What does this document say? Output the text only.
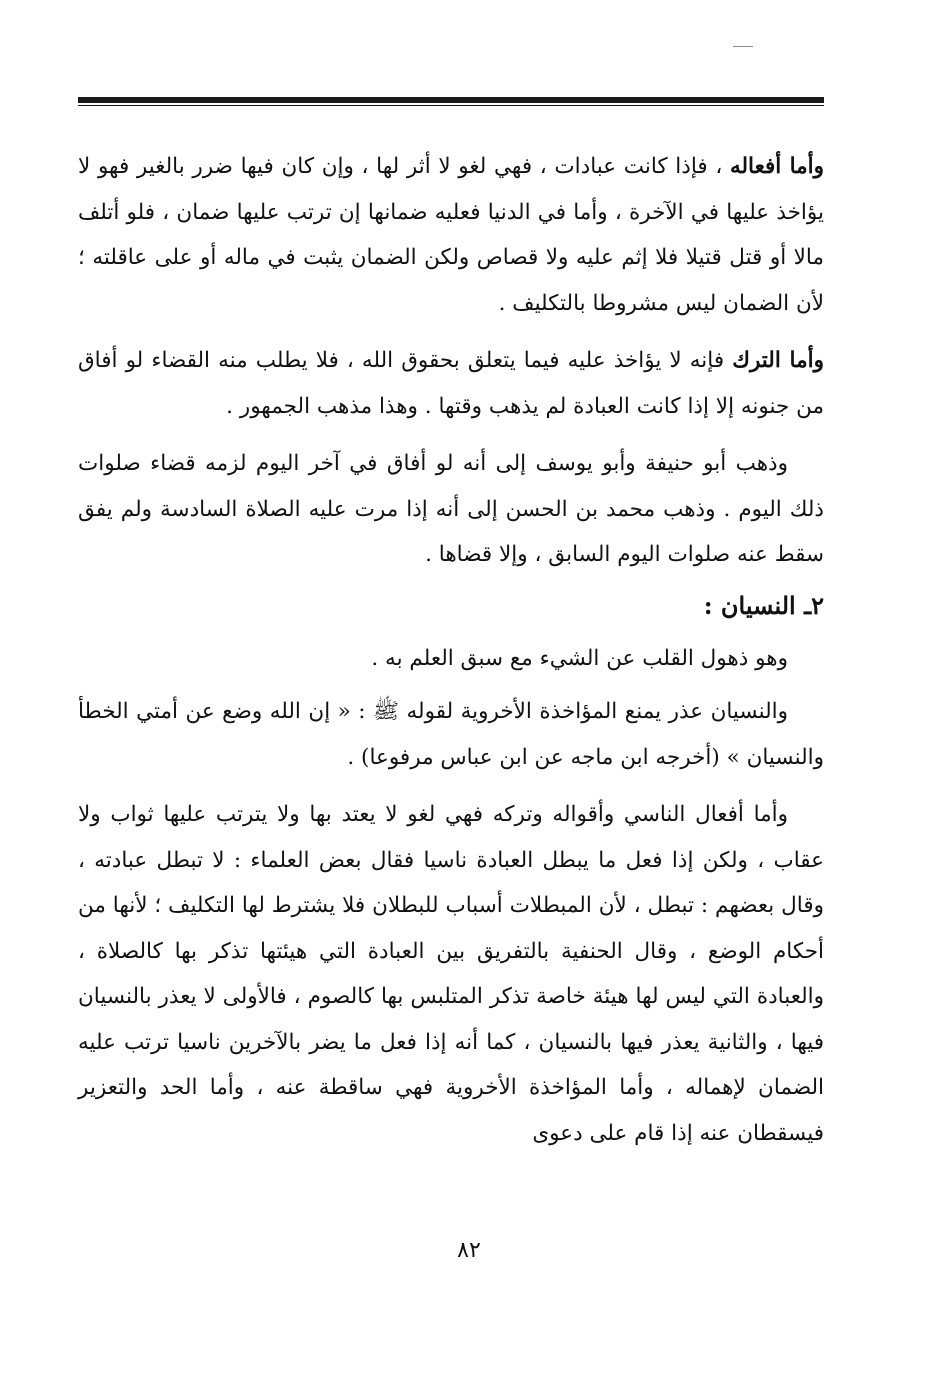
وأما أفعاله ، فإذا كانت عبادات ، فهي لغو لا أثر لها ، وإن كان فيها ضرر بالغير فهو لا يؤاخذ عليها في الآخرة ، وأما في الدنيا فعليه ضمانها إن ترتب عليها ضمان ، فلو أتلف مالا أو قتل قتيلا فلا إثم عليه ولا قصاص ولكن الضمان يثبت في ماله أو على عاقلته ؛ لأن الضمان ليس مشروطا بالتكليف .

وأما الترك فإنه لا يؤاخذ عليه فيما يتعلق بحقوق الله ، فلا يطلب منه القضاء لو أفاق من جنونه إلا إذا كانت العبادة لم يذهب وقتها . وهذا مذهب الجمهور .

وذهب أبو حنيفة وأبو يوسف إلى أنه لو أفاق في آخر اليوم لزمه قضاء صلوات ذلك اليوم . وذهب محمد بن الحسن إلى أنه إذا مرت عليه الصلاة السادسة ولم يفق سقط عنه صلوات اليوم السابق ، وإلا قضاها .

٢ـ النسيان :

وهو ذهول القلب عن الشيء مع سبق العلم به .

والنسيان عذر يمنع المؤاخذة الأخروية لقوله ﷺ : « إن الله وضع عن أمتي الخطأ والنسيان » (أخرجه ابن ماجه عن ابن عباس مرفوعا) .

وأما أفعال الناسي وأقواله وتركه فهي لغو لا يعتد بها ولا يترتب عليها ثواب ولا عقاب ، ولكن إذا فعل ما يبطل العبادة ناسيا فقال بعض العلماء : لا تبطل عبادته ، وقال بعضهم : تبطل ، لأن المبطلات أسباب للبطلان فلا يشترط لها التكليف ؛ لأنها من أحكام الوضع ، وقال الحنفية بالتفريق بين العبادة التي هيئتها تذكر بها كالصلاة ، والعبادة التي ليس لها هيئة خاصة تذكر المتلبس بها كالصوم ، فالأولى لا يعذر بالنسيان فيها ، والثانية يعذر فيها بالنسيان ، كما أنه إذا فعل ما يضر بالآخرين ناسيا ترتب عليه الضمان لإهماله ، وأما المؤاخذة الأخروية فهي ساقطة عنه ، وأما الحد والتعزير فيسقطان عنه إذا قام على دعوى

٨٢
